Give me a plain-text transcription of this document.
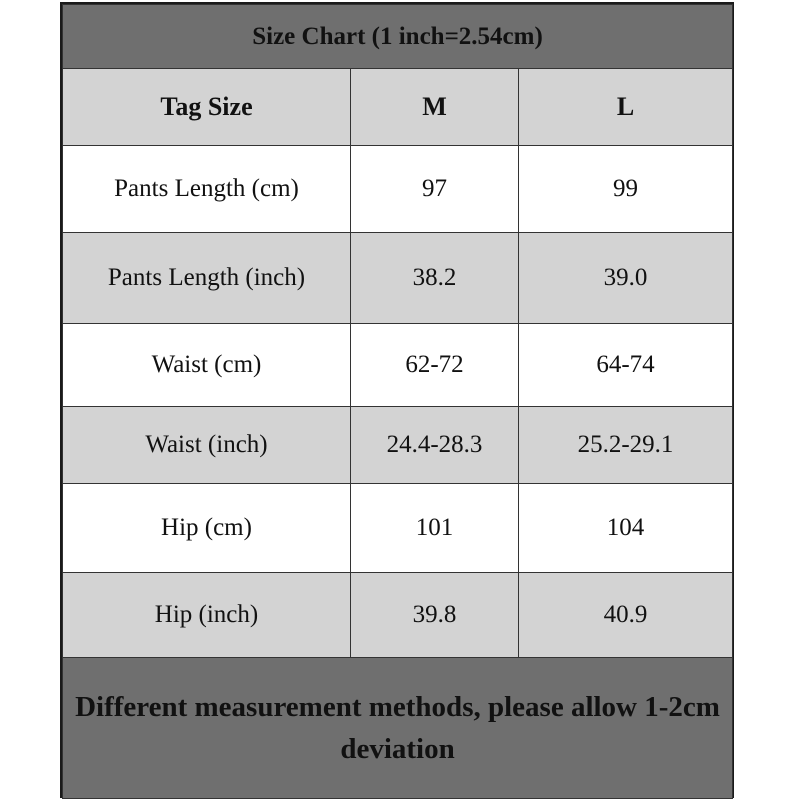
Size Chart (1 inch=2.54cm)		
Tag Size	M	L
Pants Length (cm)	97	99
Pants Length (inch)	38.2	39.0
Waist (cm)	62-72	64-74
Waist (inch)	24.4-28.3	25.2-29.1
Hip (cm)	101	104
Hip (inch)	39.8	40.9
Different measurement methods, please allow 1-2cm deviation		
